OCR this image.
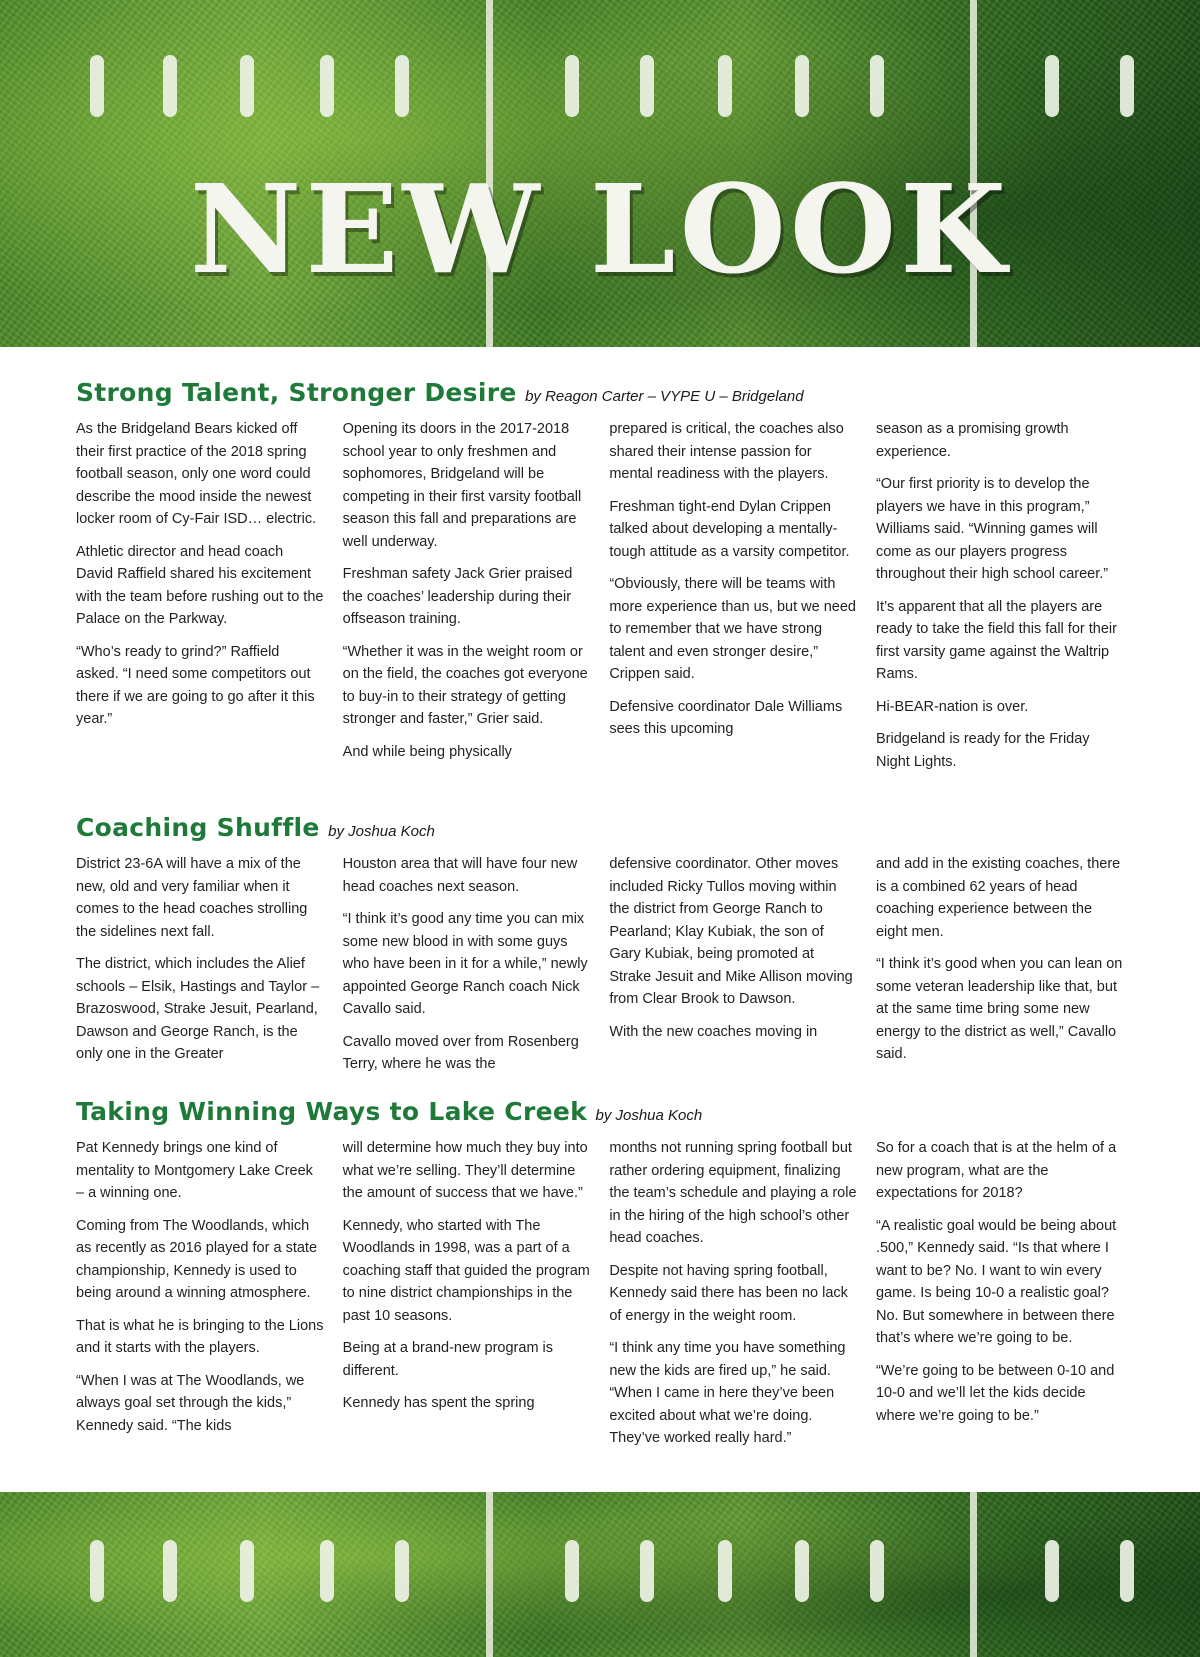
NEW LOOK
Strong Talent, Stronger Desire by Reagon Carter – VYPE U – Bridgeland

As the Bridgeland Bears kicked off their first practice of the 2018 spring football season, only one word could describe the mood inside the newest locker room of Cy-Fair ISD… electric.

Athletic director and head coach David Raffield shared his excitement with the team before rushing out to the Palace on the Parkway.

“Who’s ready to grind?” Raffield asked. “I need some competitors out there if we are going to go after it this year.”

Opening its doors in the 2017-2018 school year to only freshmen and sophomores, Bridgeland will be competing in their first varsity football season this fall and preparations are well underway.

Freshman safety Jack Grier praised the coaches’ leadership during their offseason training.

“Whether it was in the weight room or on the field, the coaches got everyone to buy-in to their strategy of getting stronger and faster,” Grier said.

And while being physically

prepared is critical, the coaches also shared their intense passion for mental readiness with the players.

Freshman tight-end Dylan Crippen talked about developing a mentally-tough attitude as a varsity competitor.

“Obviously, there will be teams with more experience than us, but we need to remember that we have strong talent and even stronger desire,” Crippen said.

Defensive coordinator Dale Williams sees this upcoming

season as a promising growth experience.

“Our first priority is to develop the players we have in this program,” Williams said. “Winning games will come as our players progress throughout their high school career.”

It’s apparent that all the players are ready to take the field this fall for their first varsity game against the Waltrip Rams.

Hi-BEAR-nation is over.

Bridgeland is ready for the Friday Night Lights.

Coaching Shuffle by Joshua Koch

District 23-6A will have a mix of the new, old and very familiar when it comes to the head coaches strolling the sidelines next fall.

The district, which includes the Alief schools – Elsik, Hastings and Taylor – Brazoswood, Strake Jesuit, Pearland, Dawson and George Ranch, is the only one in the Greater

Houston area that will have four new head coaches next season.

“I think it’s good any time you can mix some new blood in with some guys who have been in it for a while,” newly appointed George Ranch coach Nick Cavallo said.

Cavallo moved over from Rosenberg Terry, where he was the

defensive coordinator. Other moves included Ricky Tullos moving within the district from George Ranch to Pearland; Klay Kubiak, the son of Gary Kubiak, being promoted at Strake Jesuit and Mike Allison moving from Clear Brook to Dawson.

With the new coaches moving in

and add in the existing coaches, there is a combined 62 years of head coaching experience between the eight men.

“I think it’s good when you can lean on some veteran leadership like that, but at the same time bring some new energy to the district as well,” Cavallo said.

Taking Winning Ways to Lake Creek by Joshua Koch

Pat Kennedy brings one kind of mentality to Montgomery Lake Creek – a winning one.

Coming from The Woodlands, which as recently as 2016 played for a state championship, Kennedy is used to being around a winning atmosphere.

That is what he is bringing to the Lions and it starts with the players.

“When I was at The Woodlands, we always goal set through the kids,” Kennedy said. “The kids

will determine how much they buy into what we’re selling. They’ll determine the amount of success that we have.”

Kennedy, who started with The Woodlands in 1998, was a part of a coaching staff that guided the program to nine district championships in the past 10 seasons.

Being at a brand-new program is different.

Kennedy has spent the spring

months not running spring football but rather ordering equipment, finalizing the team’s schedule and playing a role in the hiring of the high school’s other head coaches.

Despite not having spring football, Kennedy said there has been no lack of energy in the weight room.

“I think any time you have something new the kids are fired up,” he said. “When I came in here they’ve been excited about what we’re doing. They’ve worked really hard.”

So for a coach that is at the helm of a new program, what are the expectations for 2018?

“A realistic goal would be being about .500,” Kennedy said. “Is that where I want to be? No. I want to win every game. Is being 10-0 a realistic goal? No. But somewhere in between there that’s where we’re going to be.

“We’re going to be between 0-10 and 10-0 and we’ll let the kids decide where we’re going to be.”
